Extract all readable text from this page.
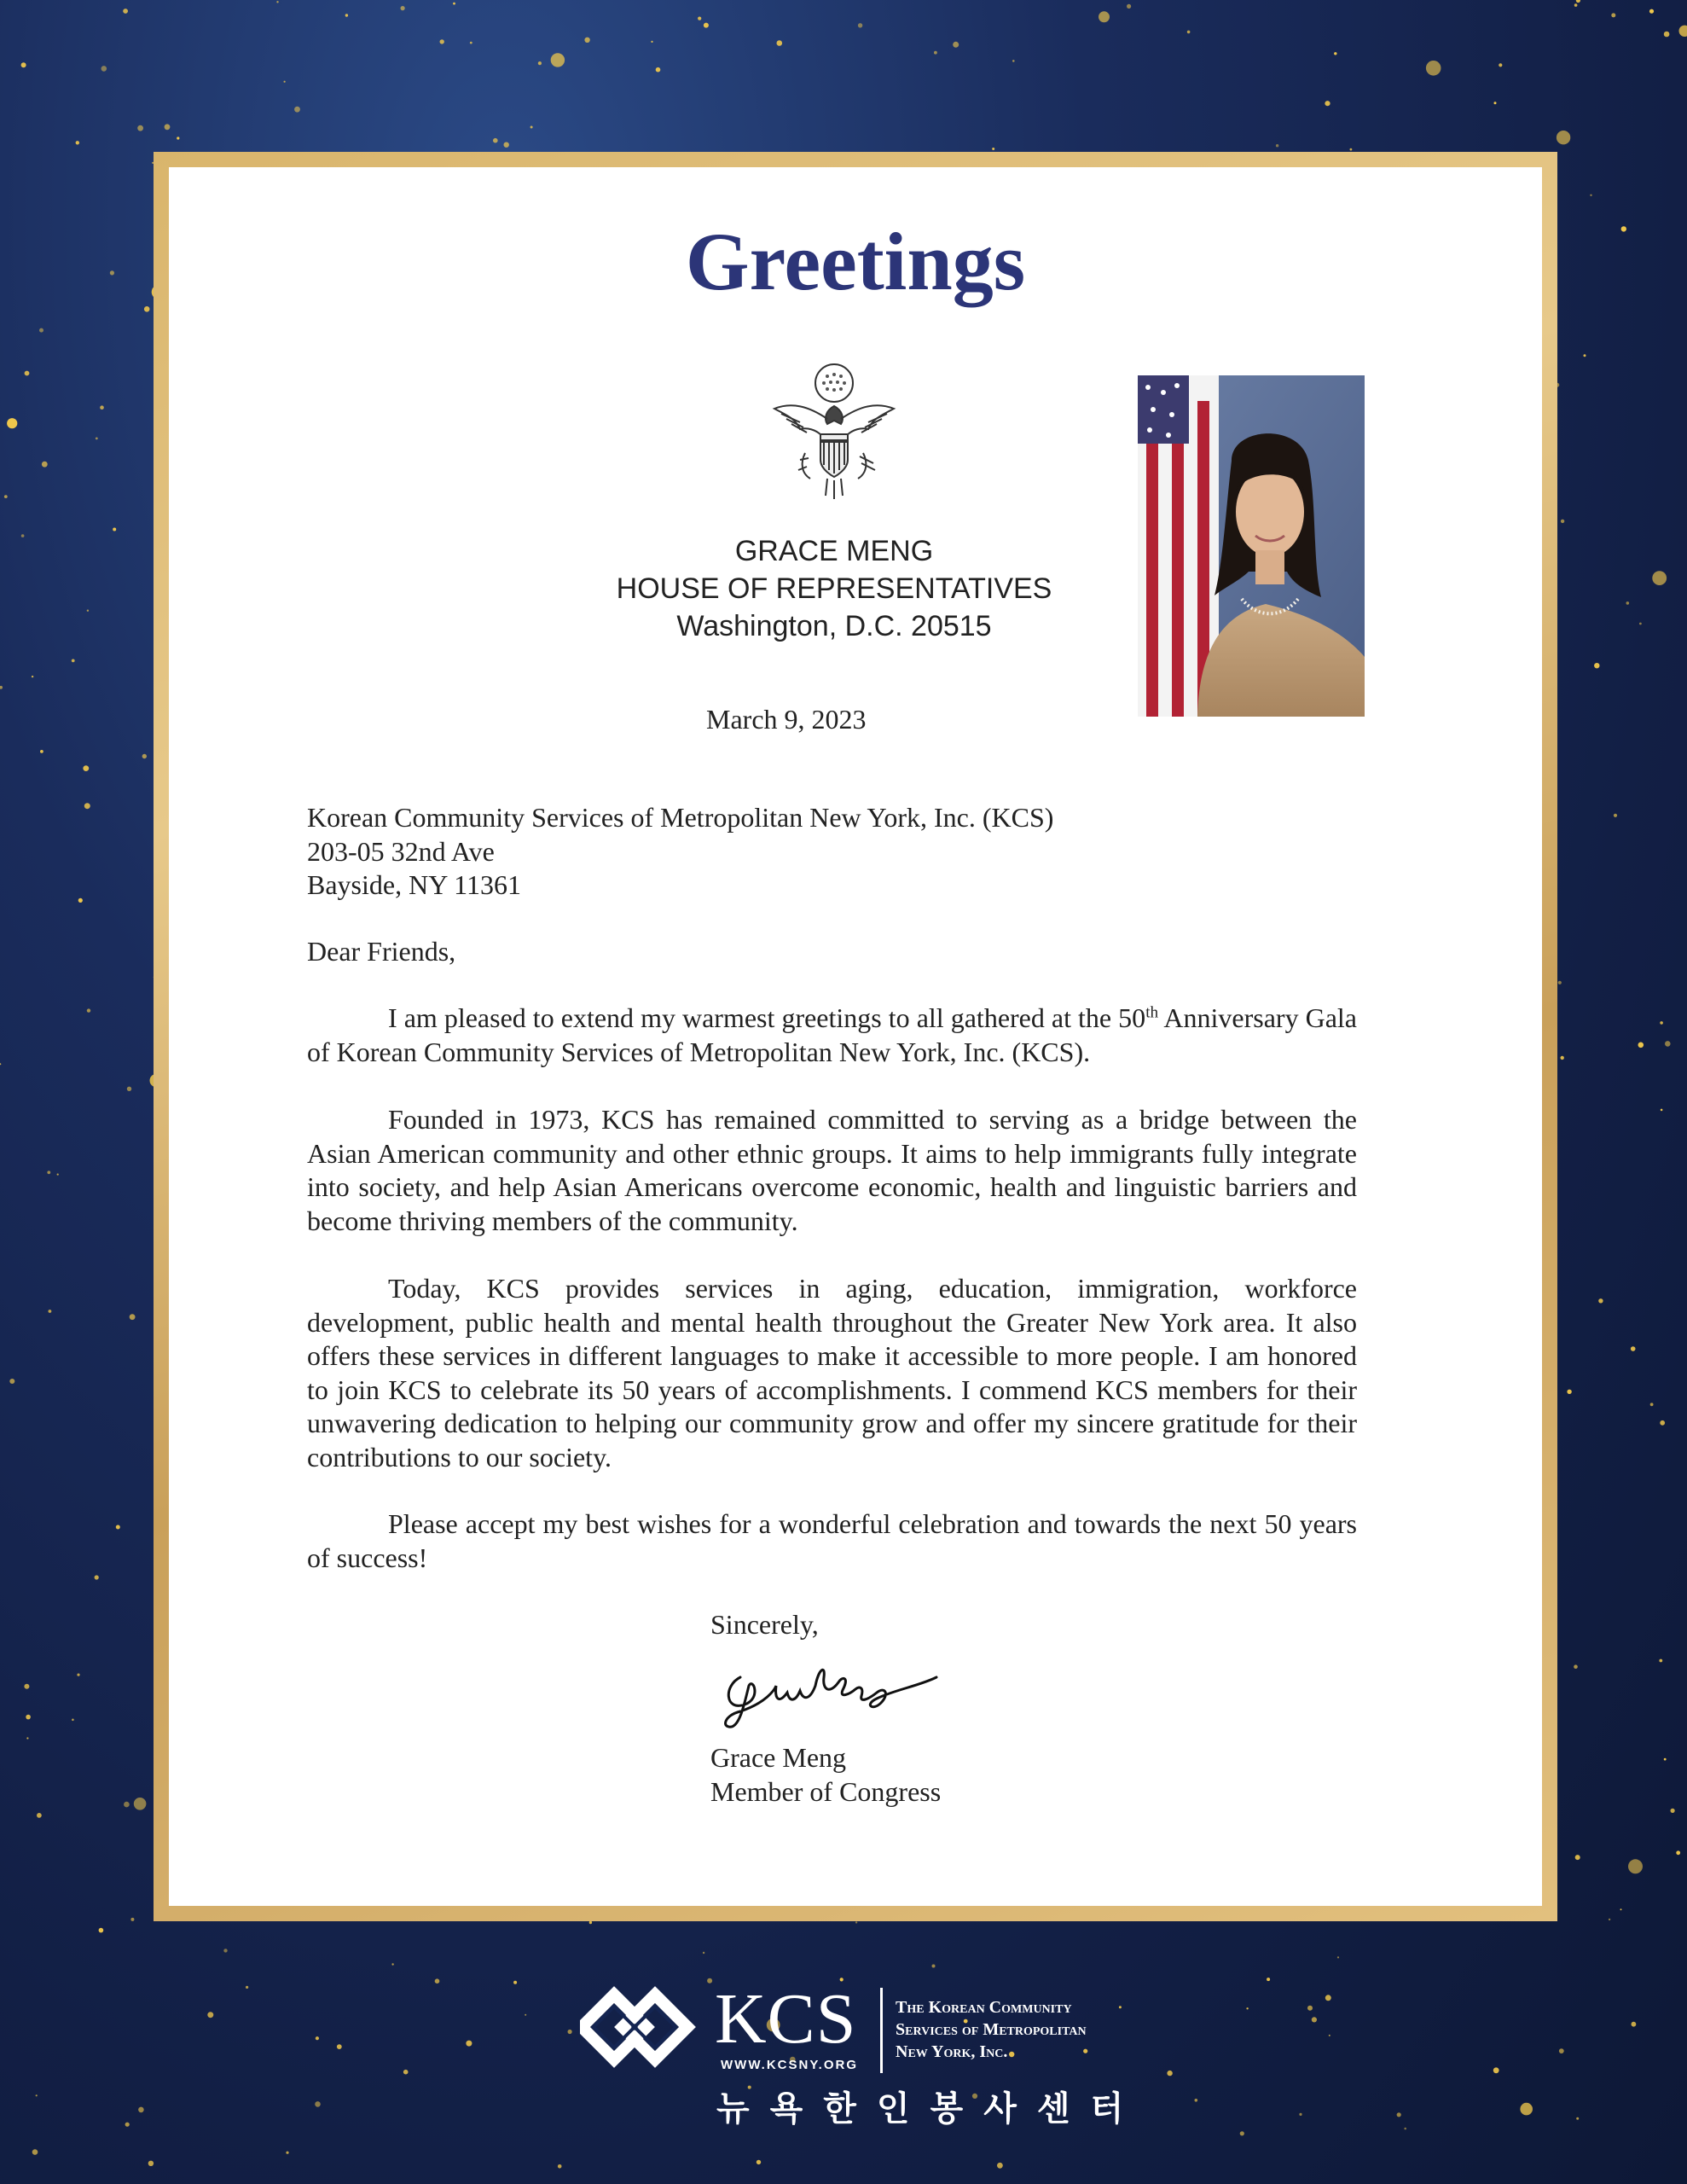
Greetings
GRACE MENG
HOUSE OF REPRESENTATIVES
Washington, D.C. 20515
March 9, 2023
Korean Community Services of Metropolitan New York, Inc. (KCS)
203-05 32nd Ave
Bayside, NY 11361
Dear Friends,

I am pleased to extend my warmest greetings to all gathered at the 50th Anniversary Gala of Korean Community Services of Metropolitan New York, Inc. (KCS).

Founded in 1973, KCS has remained committed to serving as a bridge between the Asian American community and other ethnic groups. It aims to help immigrants fully integrate into society, and help Asian Americans overcome economic, health and linguistic barriers and become thriving members of the community.

Today, KCS provides services in aging, education, immigration, workforce development, public health and mental health throughout the Greater New York area. It also offers these services in different languages to make it accessible to more people. I am honored to join KCS to celebrate its 50 years of accomplishments. I commend KCS members for their unwavering dedication to helping our community grow and offer my sincere gratitude for their contributions to our society.

Please accept my best wishes for a wonderful celebration and towards the next 50 years of success!

Sincerely,
Grace Meng
Member of Congress
KCS
WWW.KCSNY.ORG
The Korean Community
Services of Metropolitan
New York, Inc.
뉴욕한인봉사센터
